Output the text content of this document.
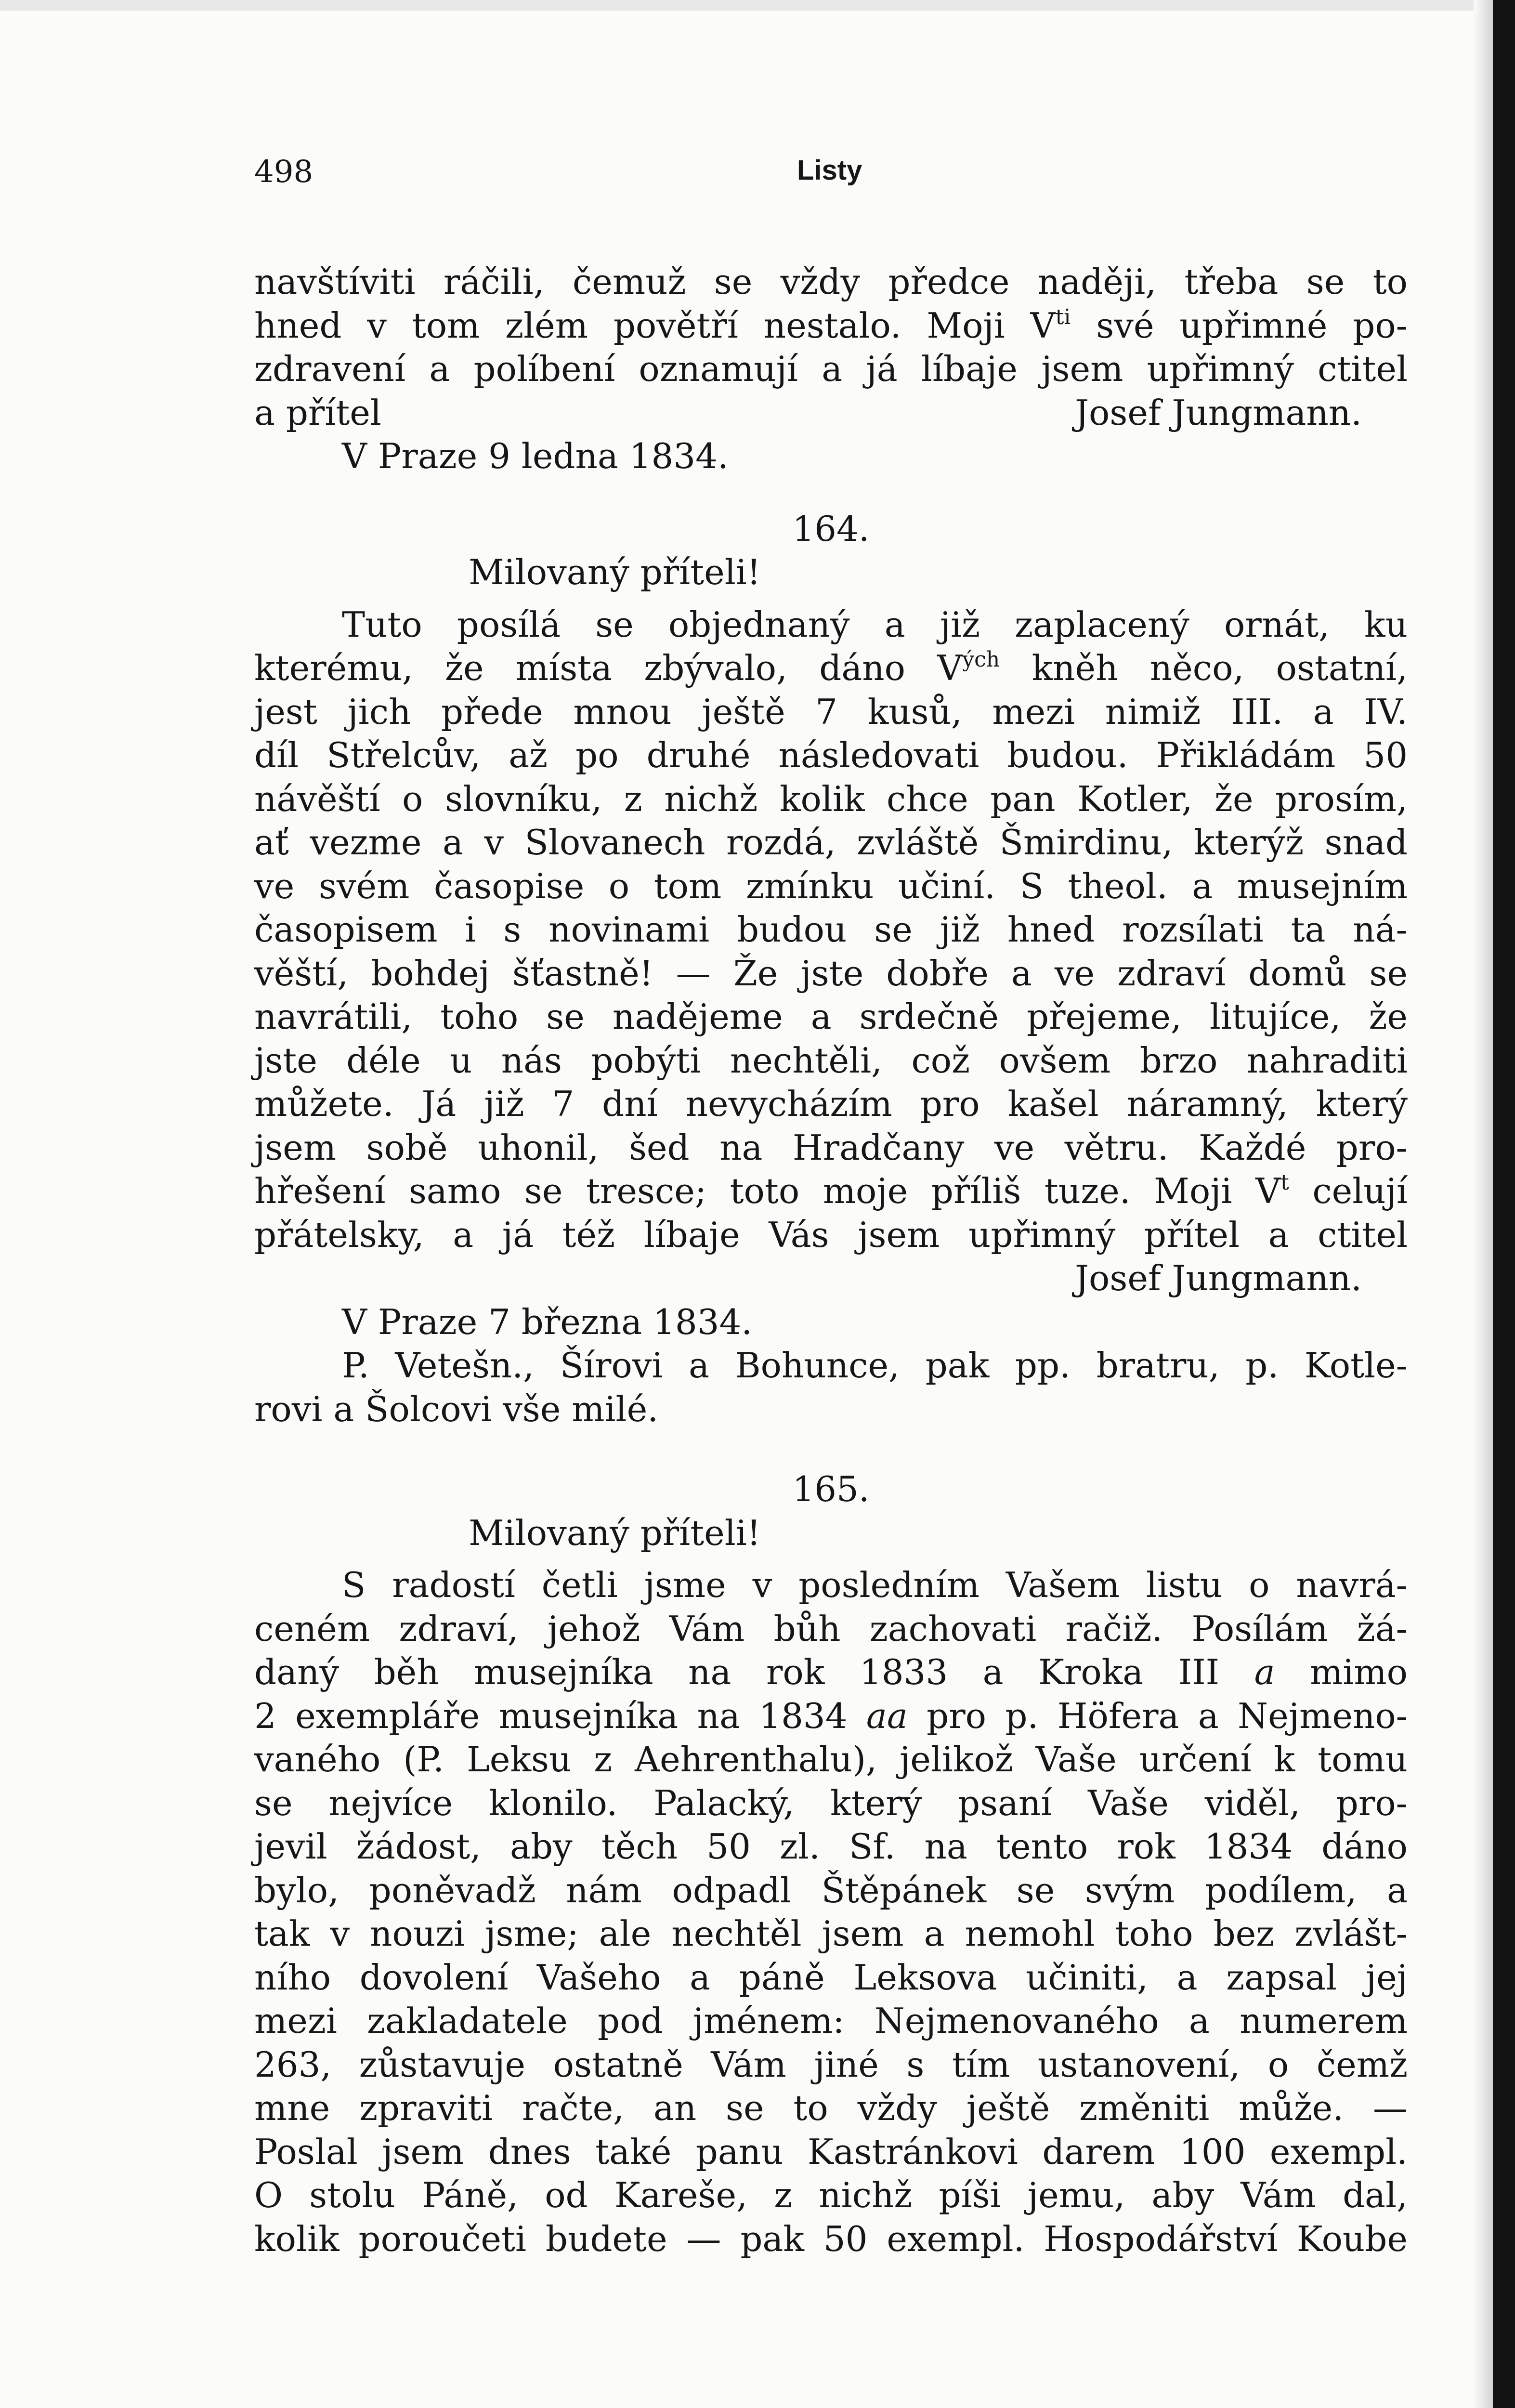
498	Listy
navštíviti ráčili, čemuž se vždy předce naději, třeba se to
hned v tom zlém povětří nestalo. Moji $V^{ti}$ své upřimné po-
zdravení a políbení oznamují a já líbaje jsem upřimný ctitel
a přítel	Josef Jungmann.
V Praze 9 ledna 1834.
164.
Milovaný příteli!
Tuto posílá se objednaný a již zaplacený ornát, ku
kterému, že místa zbývalo, dáno $V^{ých}$ kněh něco, ostatní,
jest jich přede mnou ještě 7 kusů, mezi nimiž III. a IV.
díl Střelcův, až po druhé následovati budou. Přikládám 50
návěští o slovníku, z nichž kolik chce pan Kotler, že prosím,
ať vezme a v Slovanech rozdá, zvláště Šmirdinu, kterýž snad
ve svém časopise o tom zmínku učiní. S theol. a musejním
časopisem i s novinami budou se již hned rozsílati ta ná-
věští, bohdej šťastně! — Že jste dobře a ve zdraví domů se
navrátili, toho se nadějeme a srdečně přejeme, litujíce, že
jste déle u nás pobýti nechtěli, což ovšem brzo nahraditi
můžete. Já již 7 dní nevycházím pro kašel náramný, který
jsem sobě uhonil, šed na Hradčany ve větru. Každé pro-
hřešení samo se tresce; toto moje příliš tuze. Moji $V^t$ celují
přátelsky, a já též líbaje Vás jsem upřimný přítel a ctitel
Josef Jungmann.
V Praze 7 března 1834.
P. Vetešn., Šírovi a Bohunce, pak pp. bratru, p. Kotle-
rovi a Šolcovi vše milé.
165.
Milovaný příteli!
S radostí četli jsme v posledním Vašem listu o navrá-
ceném zdraví, jehož Vám bůh zachovati račiž. Posílám žá-
daný běh musejníka na rok 1833 a Kroka III a mimo
2 exempláře musejníka na 1834 aa pro p. Höfera a Nejmeno-
vaného (P. Leksu z Aehrenthalu), jelikož Vaše určení k tomu
se nejvíce klonilo. Palacký, který psaní Vaše viděl, pro-
jevil žádost, aby těch 50 zl. Sf. na tento rok 1834 dáno
bylo, poněvadž nám odpadl Štěpánek se svým podílem, a
tak v nouzi jsme; ale nechtěl jsem a nemohl toho bez zvlášt-
ního dovolení Vašeho a páně Leksova učiniti, a zapsal jej
mezi zakladatele pod jménem: Nejmenovaného a numerem
263, zůstavuje ostatně Vám jiné s tím ustanovení, o čemž
mne zpraviti račte, an se to vždy ještě změniti může. —
Poslal jsem dnes také panu Kastránkovi darem 100 exempl.
O stolu Páně, od Kareše, z nichž píši jemu, aby Vám dal,
kolik poroučeti budete — pak 50 exempl. Hospodářství Koube
